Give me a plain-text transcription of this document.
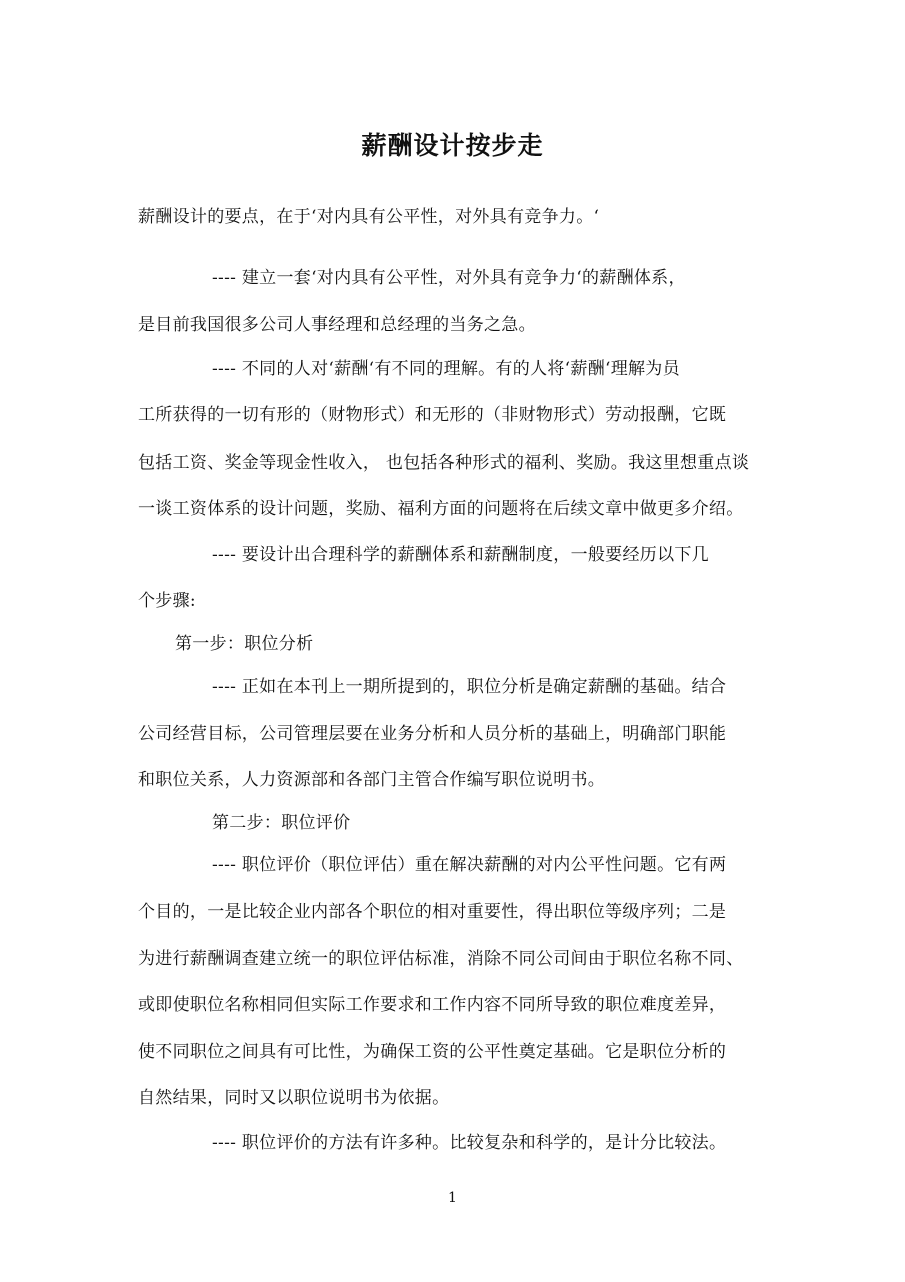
薪酬设计按步走
薪酬设计的要点，在于‘对内具有公平性，对外具有竞争力。‘
---- 建立一套‘对内具有公平性，对外具有竞争力‘的薪酬体系，
是目前我国很多公司人事经理和总经理的当务之急。
---- 不同的人对‘薪酬‘有不同的理解。有的人将‘薪酬‘理解为员
工所获得的一切有形的（财物形式）和无形的（非财物形式）劳动报酬，它既
包括工资、奖金等现金性收入， 也包括各种形式的福利、奖励。我这里想重点谈
一谈工资体系的设计问题，奖励、福利方面的问题将在后续文章中做更多介绍。
---- 要设计出合理科学的薪酬体系和薪酬制度，一般要经历以下几
个步骤:
第一步：职位分析
---- 正如在本刊上一期所提到的，职位分析是确定薪酬的基础。结合
公司经营目标，公司管理层要在业务分析和人员分析的基础上，明确部门职能
和职位关系，人力资源部和各部门主管合作编写职位说明书。
第二步：职位评价
---- 职位评价（职位评估）重在解决薪酬的对内公平性问题。它有两
个目的，一是比较企业内部各个职位的相对重要性，得出职位等级序列；二是
为进行薪酬调查建立统一的职位评估标准，消除不同公司间由于职位名称不同、
或即使职位名称相同但实际工作要求和工作内容不同所导致的职位难度差异，
使不同职位之间具有可比性，为确保工资的公平性奠定基础。它是职位分析的
自然结果，同时又以职位说明书为依据。
---- 职位评价的方法有许多种。比较复杂和科学的，是计分比较法。
1
